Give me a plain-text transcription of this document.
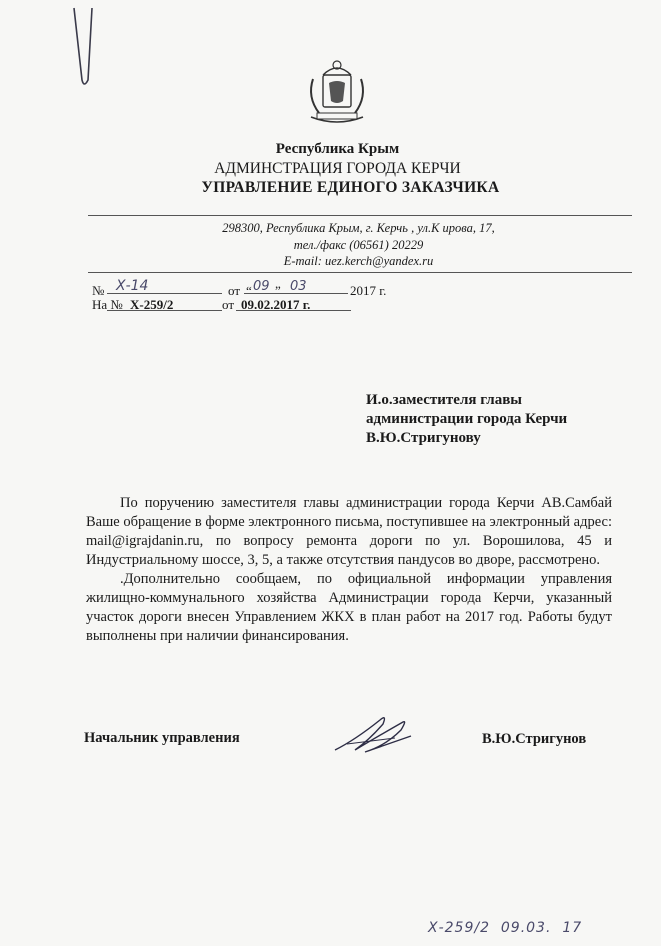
Республика Крым
АДМИНСТРАЦИЯ ГОРОДА КЕРЧИ
УПРАВЛЕНИЕ ЕДИНОГО ЗАКАЗЧИКА
298300, Республика Крым, г. Керчь , ул.К ирова, 17,
тел./факс (06561) 20229
E-mail: uez.kerch@yandex.ru
№ Х-14	от “ 09 ” 03	2017 г.
На № Х-259/2	от 09.02.2017 г.
И.о.заместителя главы
администрации города Керчи
В.Ю.Стригунову

По поручению заместителя главы администрации города Керчи АВ.Самбай Ваше обращение в форме электронного письма, поступившее на электронный адрес: mail@igrajdanin.ru, по вопросу ремонта дороги по ул. Ворошилова, 45 и Индустриальному шоссе, 3, 5, а также отсутствия пандусов во дворе, рассмотрено.

.Дополнительно сообщаем, по официальной информации управления жилищно-коммунального хозяйства Администрации города Керчи, указанный участок дороги внесен Управлением ЖКХ в план работ на 2017 год. Работы будут выполнены при наличии финансирования.

Начальник управления	В.Ю.Стригунов
Х-259/2  09.03.  17
